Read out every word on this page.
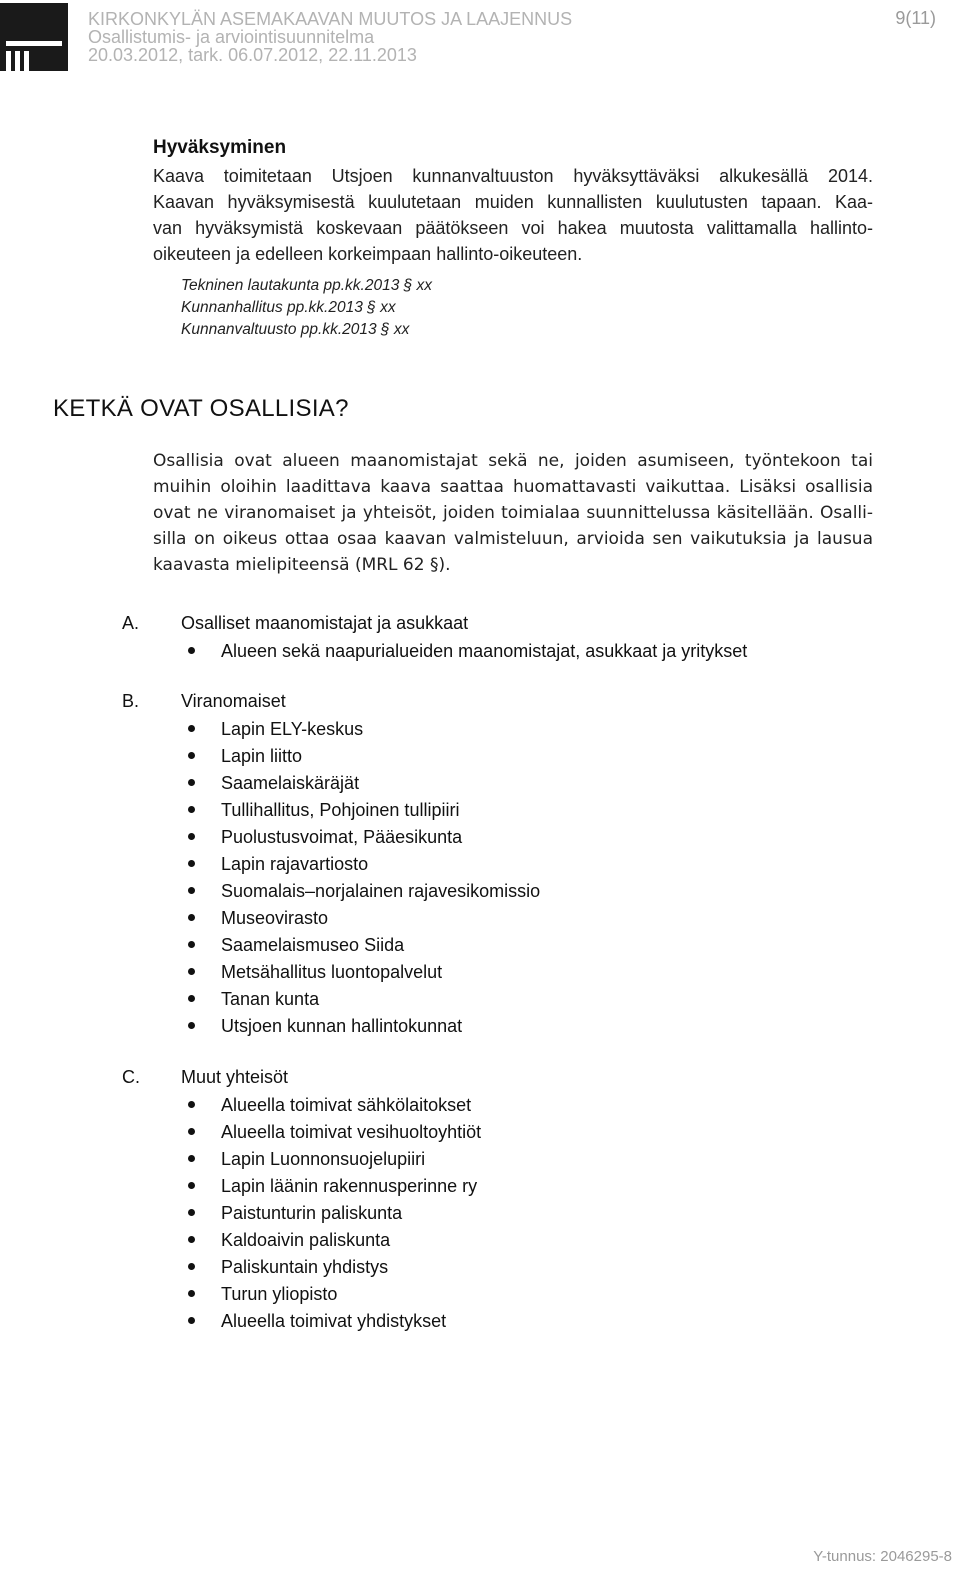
KIRKONKYLÄN ASEMAKAAVAN MUUTOS JA LAAJENNUS
Osallistumis- ja arviointisuunnitelma
20.03.2012, tark. 06.07.2012, 22.11.2013
9(11)
Hyväksyminen
Kaava toimitetaan Utsjoen kunnanvaltuuston hyväksyttäväksi alkukesällä 2014.
Kaavan hyväksymisestä kuulutetaan muiden kunnallisten kuulutusten tapaan. Kaa-
van hyväksymistä koskevaan päätökseen voi hakea muutosta valittamalla hallinto-
oikeuteen ja edelleen korkeimpaan hallinto-oikeuteen.
Tekninen lautakunta pp.kk.2013 § xx
Kunnanhallitus pp.kk.2013 § xx
Kunnanvaltuusto pp.kk.2013 § xx
KETKÄ OVAT OSALLISIA?
Osallisia ovat alueen maanomistajat sekä ne, joiden asumiseen, työntekoon tai
muihin oloihin laadittava kaava saattaa huomattavasti vaikuttaa. Lisäksi osallisia
ovat ne viranomaiset ja yhteisöt, joiden toimialaa suunnittelussa käsitellään. Osalli-
silla on oikeus ottaa osaa kaavan valmisteluun, arvioida sen vaikutuksia ja lausua
kaavasta mielipiteensä (MRL 62 §).
A. Osalliset maanomistajat ja asukkaat
Alueen sekä naapurialueiden maanomistajat, asukkaat ja yritykset
B. Viranomaiset
Lapin ELY-keskus
Lapin liitto
Saamelaiskäräjät
Tullihallitus, Pohjoinen tullipiiri
Puolustusvoimat, Pääesikunta
Lapin rajavartiosto
Suomalais–norjalainen rajavesikomissio
Museovirasto
Saamelaismuseo Siida
Metsähallitus luontopalvelut
Tanan kunta
Utsjoen kunnan hallintokunnat
C. Muut yhteisöt
Alueella toimivat sähkölaitokset
Alueella toimivat vesihuoltoyhtiöt
Lapin Luonnonsuojelupiiri
Lapin läänin rakennusperinne ry
Paistunturin paliskunta
Kaldoaivin paliskunta
Paliskuntain yhdistys
Turun yliopisto
Alueella toimivat yhdistykset
Y-tunnus: 2046295-8
